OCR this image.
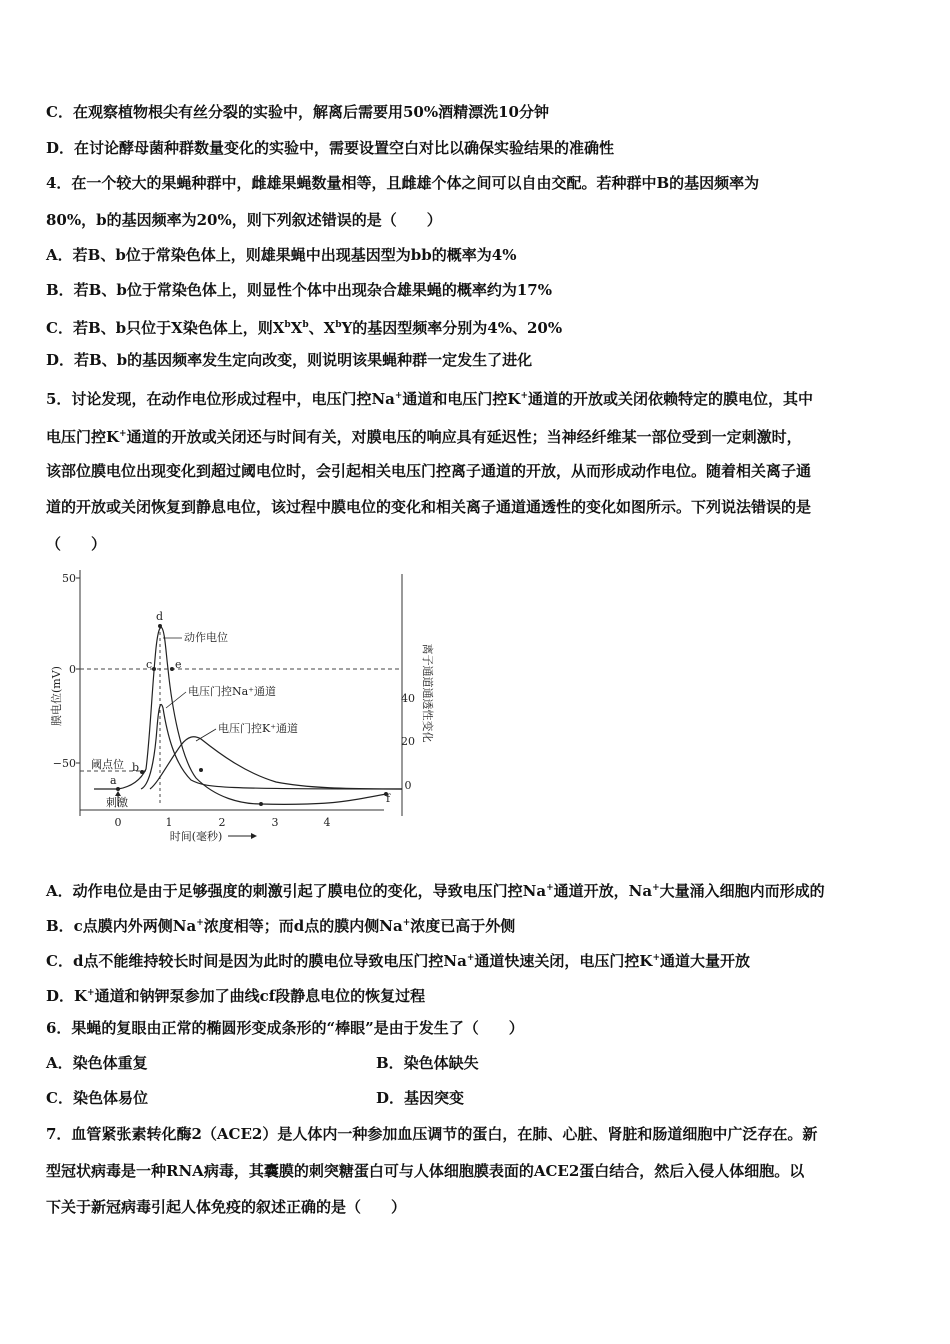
C．在观察植物根尖有丝分裂的实验中，解离后需要用50%酒精漂洗10分钟
D．在讨论酵母菌种群数量变化的实验中，需要设置空白对比以确保实验结果的准确性
4．在一个较大的果蝇种群中，雌雄果蝇数量相等，且雌雄个体之间可以自由交配。若种群中B的基因频率为
80%，b的基因频率为20%，则下列叙述错误的是（　　）
A．若B、b位于常染色体上，则雄果蝇中出现基因型为bb的概率为4%
B．若B、b位于常染色体上，则显性个体中出现杂合雄果蝇的概率约为17%
C．若B、b只位于X染色体上，则$X^bX^b$、$X^bY$的基因型频率分别为4%、20%
D．若B、b的基因频率发生定向改变，则说明该果蝇种群一定发生了进化
5．讨论发现，在动作电位形成过程中，电压门控Na+通道和电压门控K+通道的开放或关闭依赖特定的膜电位，其中
电压门控K+通道的开放或关闭还与时间有关，对膜电压的响应具有延迟性；当神经纤维某一部位受到一定刺激时，
该部位膜电位出现变化到超过阈电位时，会引起相关电压门控离子通道的开放，从而形成动作电位。随着相关离子通
道的开放或关闭恢复到静息电位，该过程中膜电位的变化和相关离子通道通透性的变化如图所示。下列说法错误的是
（　　）
50
0
−50
膜电位(mV)	40
20
0
离子通道通透性变化
0	1	2	3	4
时间(毫秒)
a
b
c
d
e
f
动作电位
电压门控Na⁺通道
电压门控K⁺通道
阈点位
刺激
A．动作电位是由于足够强度的刺激引起了膜电位的变化，导致电压门控Na+通道开放，Na+大量涌入细胞内而形成的
B．c点膜内外两侧Na+浓度相等；而d点的膜内侧Na+浓度已高于外侧
C．d点不能维持较长时间是因为此时的膜电位导致电压门控Na+通道快速关闭，电压门控K+通道大量开放
D．K+通道和钠钾泵参加了曲线cf段静息电位的恢复过程
6．果蝇的复眼由正常的椭圆形变成条形的“棒眼”是由于发生了（　　）
A．染色体重复	B．染色体缺失
C．染色体易位	D．基因突变
7．血管紧张素转化酶2（ACE2）是人体内一种参加血压调节的蛋白，在肺、心脏、肾脏和肠道细胞中广泛存在。新
型冠状病毒是一种RNA病毒，其囊膜的刺突糖蛋白可与人体细胞膜表面的ACE2蛋白结合，然后入侵人体细胞。以
下关于新冠病毒引起人体免疫的叙述正确的是（　　）
